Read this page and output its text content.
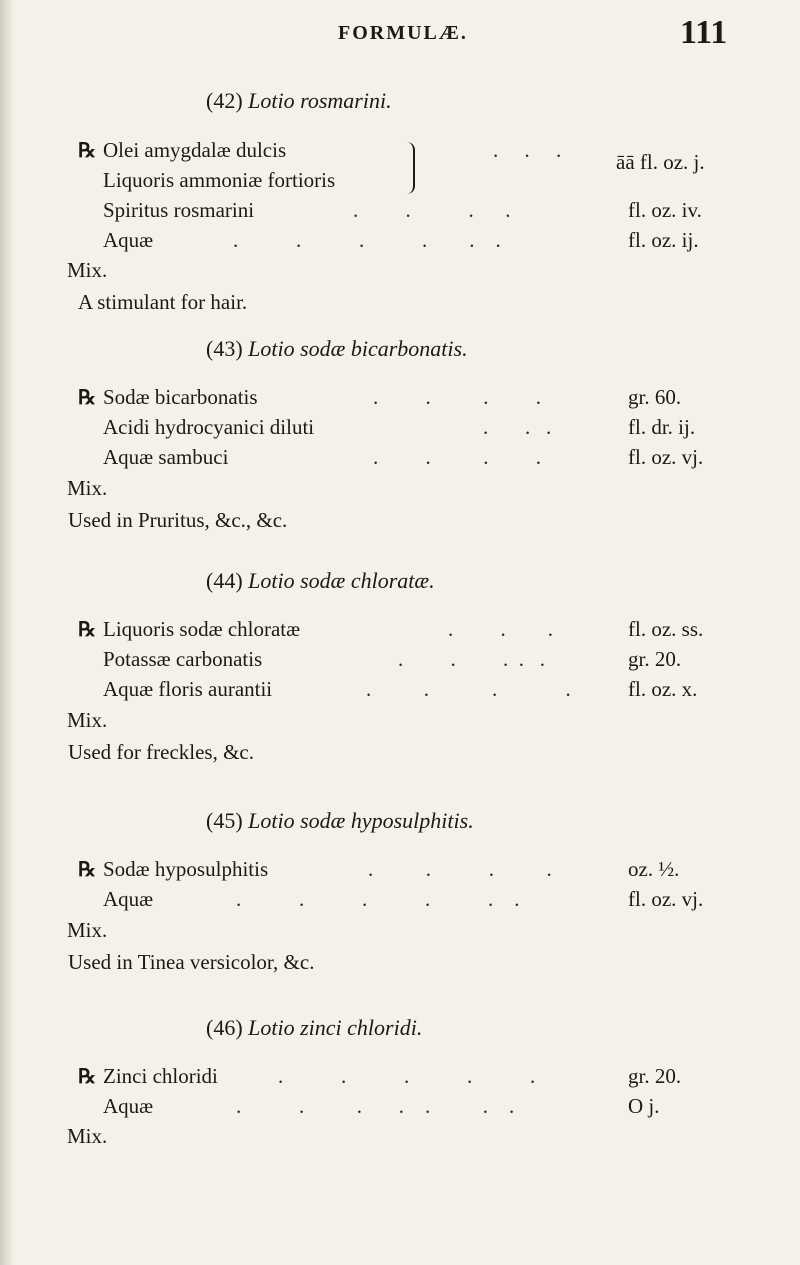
FORMULÆ.	111
(42) Lotio rosmarini.
℞ Olei amygdalæ dulcis	.     .     .	āā fl. oz. j.
Liquoris ammoniæ fortioris
Spiritus rosmarini	.         .           .      .	fl. oz. iv.
Aquæ	.           .           .           .        .    .	fl. oz. ij.
Mix.
A stimulant for hair.
(43) Lotio sodæ bicarbonatis.
℞ Sodæ bicarbonatis	.         .          .         .	gr. 60.
Acidi hydrocyanici diluti	.       .   .	fl. dr. ij.
Aquæ sambuci	.         .          .         .	fl. oz. vj.
Mix.
Used in Pruritus, &c., &c.
(44) Lotio sodæ chloratæ.
℞ Liquoris sodæ chloratæ	.         .        .	fl. oz. ss.
Potassæ carbonatis	.         .         .  .   .	gr. 20.
Aquæ floris aurantii	.          .            .             .	fl. oz. x.
Mix.
Used for freckles, &c.
(45) Lotio sodæ hyposulphitis.
℞ Sodæ hyposulphitis	.          .           .          .	oz. ½.
Aquæ	.           .           .           .           .    .	fl. oz. vj.
Mix.
Used in Tinea versicolor, &c.
(46) Lotio zinci chloridi.
℞ Zinci chloridi	.           .           .           .           .	gr. 20.
Aquæ	.           .          .       .    .          .    .	O j.
Mix.
